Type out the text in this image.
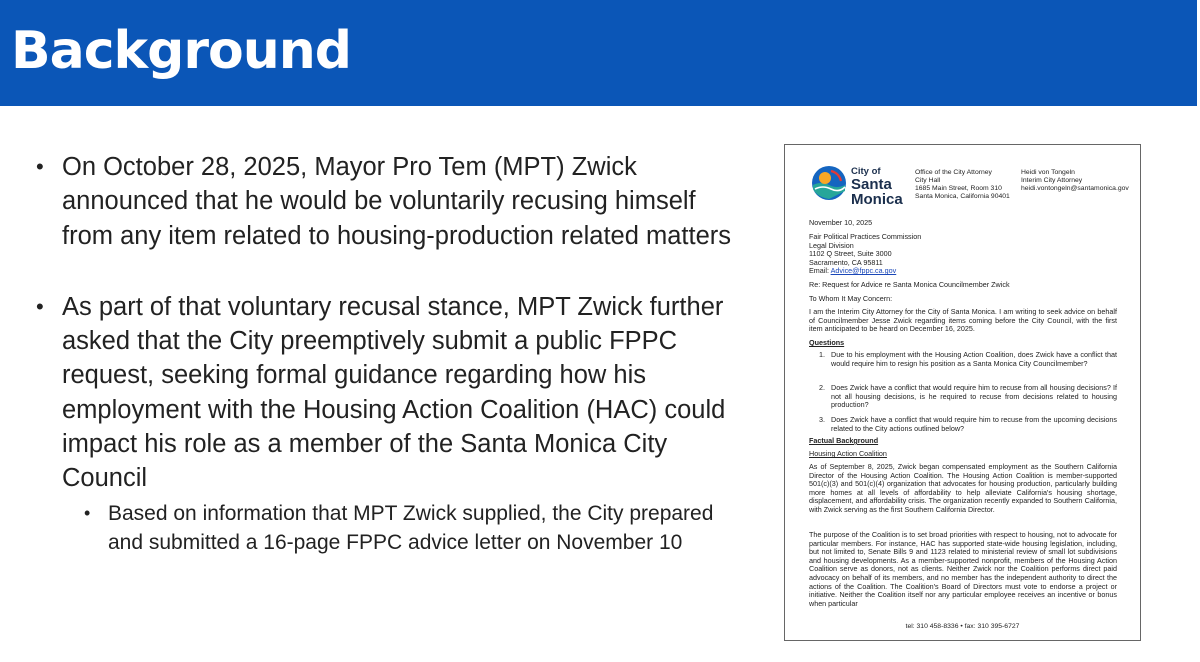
Background
• On October 28, 2025, Mayor Pro Tem (MPT) Zwick announced that he would be voluntarily recusing himself from any item related to housing-production related matters
• As part of that voluntary recusal stance, MPT Zwick further asked that the City preemptively submit a public FPPC request, seeking formal guidance regarding how his employment with the Housing Action Coalition (HAC) could impact his role as a member of the Santa Monica City Council
• Based on information that MPT Zwick supplied, the City prepared and submitted a 16-page FPPC advice letter on November 10
City of
Santa
Monica
Office of the City Attorney
City Hall
1685 Main Street, Room 310
Santa Monica, California 90401
Heidi von Tongeln
Interim City Attorney
heidi.vontongeln@santamonica.gov
November 10, 2025
Fair Political Practices Commission
Legal Division
1102 Q Street, Suite 3000
Sacramento, CA 95811
Email: Advice@fppc.ca.gov
Re: Request for Advice re Santa Monica Councilmember Zwick
To Whom It May Concern:
I am the Interim City Attorney for the City of Santa Monica. I am writing to seek advice on behalf of Councilmember Jesse Zwick regarding items coming before the City Council, with the first item anticipated to be heard on December 16, 2025.
Questions
1. Due to his employment with the Housing Action Coalition, does Zwick have a conflict that would require him to resign his position as a Santa Monica City Councilmember?
2. Does Zwick have a conflict that would require him to recuse from all housing decisions? If not all housing decisions, is he required to recuse from decisions related to housing production?
3. Does Zwick have a conflict that would require him to recuse from the upcoming decisions related to the City actions outlined below?
Factual Background
Housing Action Coalition
As of September 8, 2025, Zwick began compensated employment as the Southern California Director of the Housing Action Coalition. The Housing Action Coalition is member-supported 501(c)(3) and 501(c)(4) organization that advocates for housing production, particularly building more homes at all levels of affordability to help alleviate California's housing shortage, displacement, and affordability crisis. The organization recently expanded to Southern California, with Zwick serving as the first Southern California Director.
The purpose of the Coalition is to set broad priorities with respect to housing, not to advocate for particular members. For instance, HAC has supported state-wide housing legislation, including, but not limited to, Senate Bills 9 and 1123 related to ministerial review of small lot subdivisions and housing developments. As a member-supported nonprofit, members of the Housing Action Coalition serve as donors, not as clients. Neither Zwick nor the Coalition performs direct paid advocacy on behalf of its members, and no member has the independent authority to direct the actions of the Coalition. The Coalition's Board of Directors must vote to endorse a project or initiative. Neither the Coalition itself nor any particular employee receives an incentive or bonus when particular
tel: 310 458-8336 • fax: 310 395-6727
